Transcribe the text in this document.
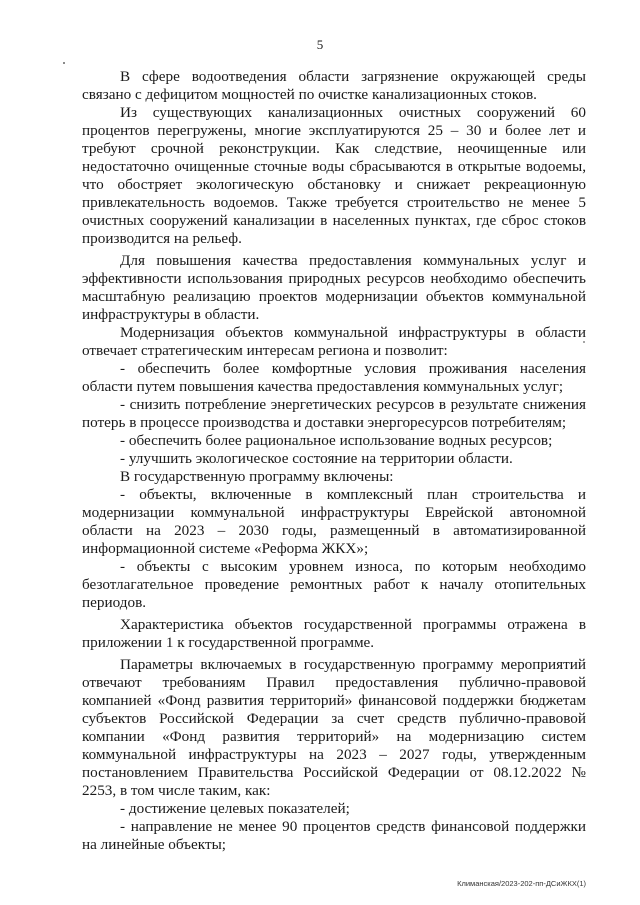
5

В сфере водоотведения области загрязнение окружающей среды связано с дефицитом мощностей по очистке канализационных стоков.

Из существующих канализационных очистных сооружений 60 процентов перегружены, многие эксплуатируются 25 – 30 и более лет и требуют срочной реконструкции. Как следствие, неочищенные или недостаточно очищенные сточные воды сбрасываются в открытые водоемы, что обостряет экологическую обстановку и снижает рекреационную привлекательность водоемов. Также требуется строительство не менее 5 очистных сооружений канализации в населенных пунктах, где сброс стоков производится на рельеф.

Для повышения качества предоставления коммунальных услуг и эффективности использования природных ресурсов необходимо обеспечить масштабную реализацию проектов модернизации объектов коммунальной инфраструктуры в области.

Модернизация объектов коммунальной инфраструктуры в области отвечает стратегическим интересам региона и позволит:

- обеспечить более комфортные условия проживания населения области путем повышения качества предоставления коммунальных услуг;

- снизить потребление энергетических ресурсов в результате снижения потерь в процессе производства и доставки энергоресурсов потребителям;

- обеспечить более рациональное использование водных ресурсов;

- улучшить экологическое состояние на территории области.

В государственную программу включены:

- объекты, включенные в комплексный план строительства и модернизации коммунальной инфраструктуры Еврейской автономной области на 2023 – 2030 годы, размещенный в автоматизированной информационной системе «Реформа ЖКХ»;

- объекты с высоким уровнем износа, по которым необходимо безотлагательное проведение ремонтных работ к началу отопительных периодов.

Характеристика объектов государственной программы отражена в приложении 1 к государственной программе.

Параметры включаемых в государственную программу мероприятий отвечают требованиям Правил предоставления публично-правовой компанией «Фонд развития территорий» финансовой поддержки бюджетам субъектов Российской Федерации за счет средств публично-правовой компании «Фонд развития территорий» на модернизацию систем коммунальной инфраструктуры на 2023 – 2027 годы, утвержденным постановлением Правительства Российской Федерации от 08.12.2022 № 2253, в том числе таким, как:

- достижение целевых показателей;

- направление не менее 90 процентов средств финансовой поддержки на линейные объекты;

Климанская/2023-202-пп-ДСиЖКХ(1)
